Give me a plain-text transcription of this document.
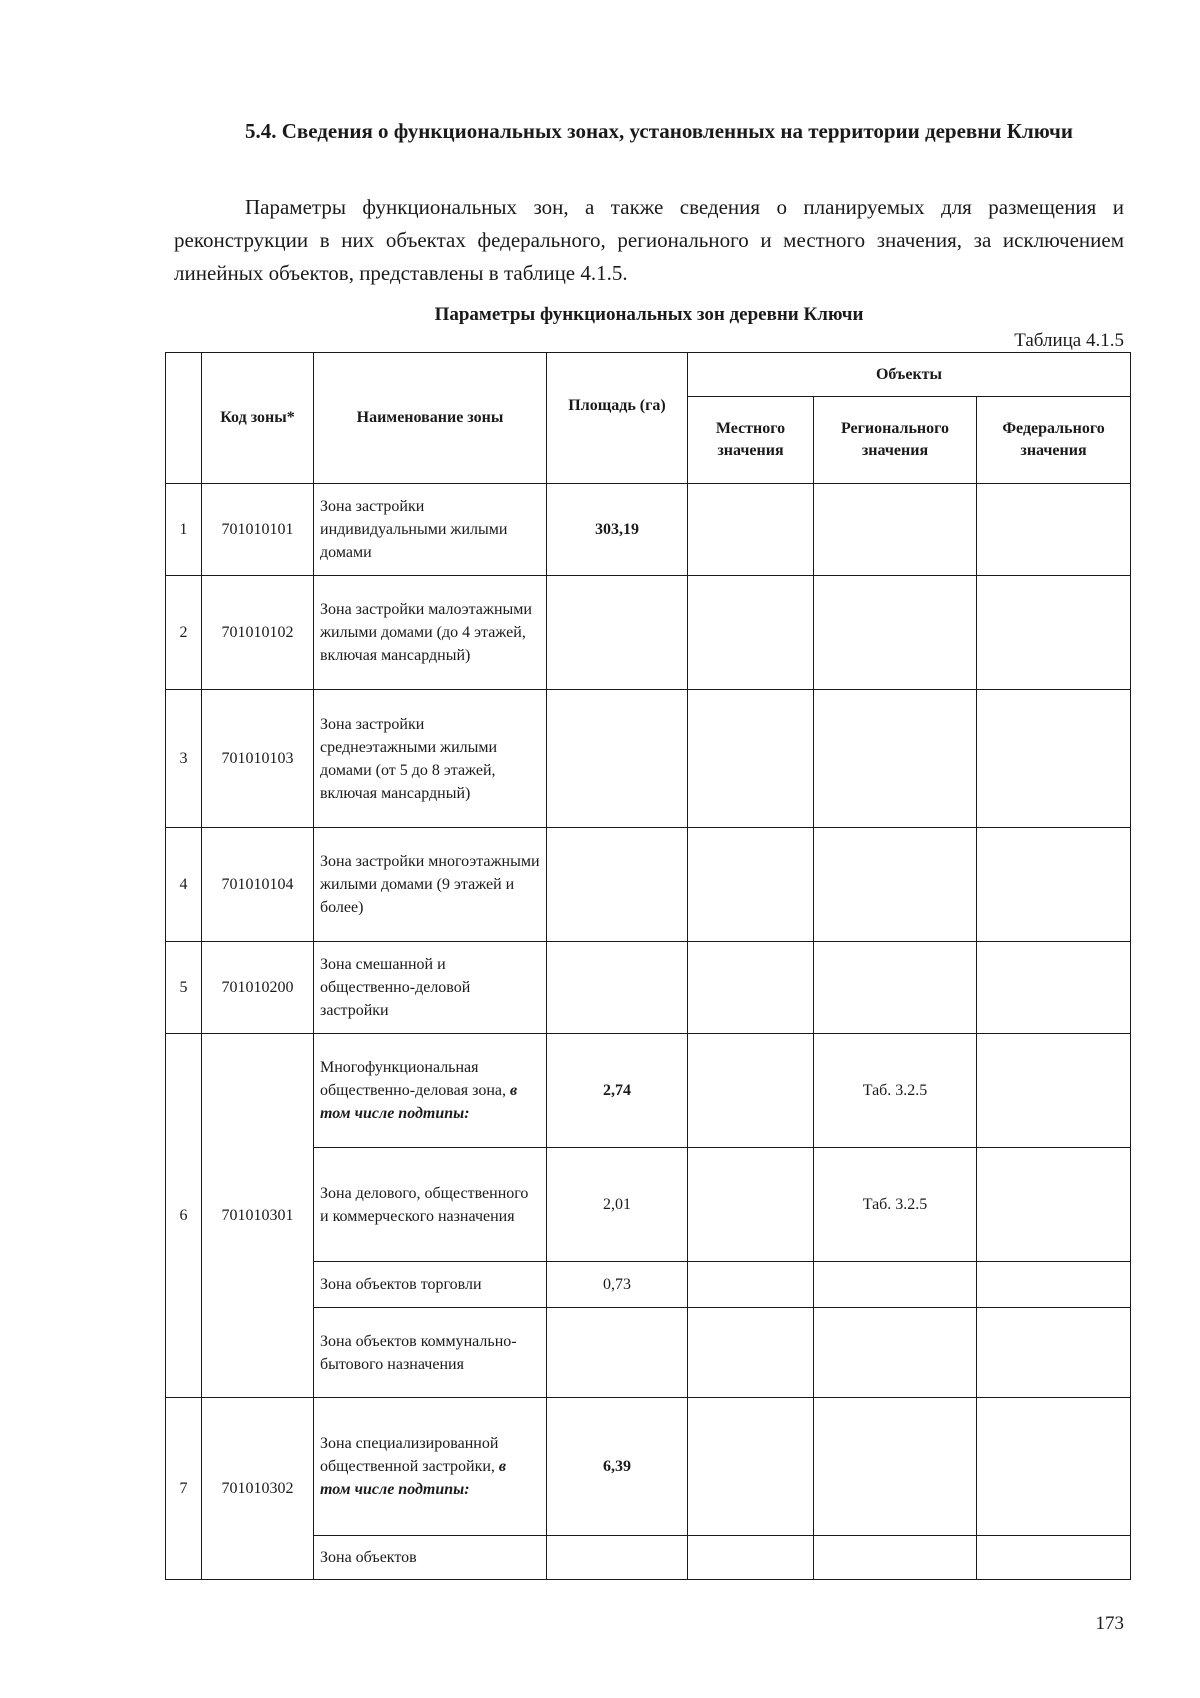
5.4. Сведения о функциональных зонах, установленных на территории деревни Ключи

Параметры функциональных зон, а также сведения о планируемых для размещения и реконструкции в них объектах федерального, регионального и местного значения, за исключением линейных объектов, представлены в таблице 4.1.5.

Параметры функциональных зон деревни Ключи
Таблица 4.1.5
	Код зоны*	Наименование зоны	Площадь (га)	Объекты		
				Местного значения	Регионального значения	Федерального значения
1	701010101	Зона застройки индивидуальными жилыми домами	303,19			
2	701010102	Зона застройки малоэтажными жилыми домами (до 4 этажей, включая мансардный)				
3	701010103	Зона застройки среднеэтажными жилыми домами (от 5 до 8 этажей, включая мансардный)				
4	701010104	Зона застройки многоэтажными жилыми домами (9 этажей и более)				
5	701010200	Зона смешанной и общественно-деловой застройки				
6	701010301	Многофункциональная общественно-деловая зона, в том числе подтипы:	2,74		Таб. 3.2.5	
		Зона делового, общественного и коммерческого назначения	2,01		Таб. 3.2.5	
		Зона объектов торговли	0,73			
		Зона объектов коммунально-бытового назначения				
7	701010302	Зона специализированной общественной застройки, в том числе подтипы:	6,39			
		Зона объектов				
173
